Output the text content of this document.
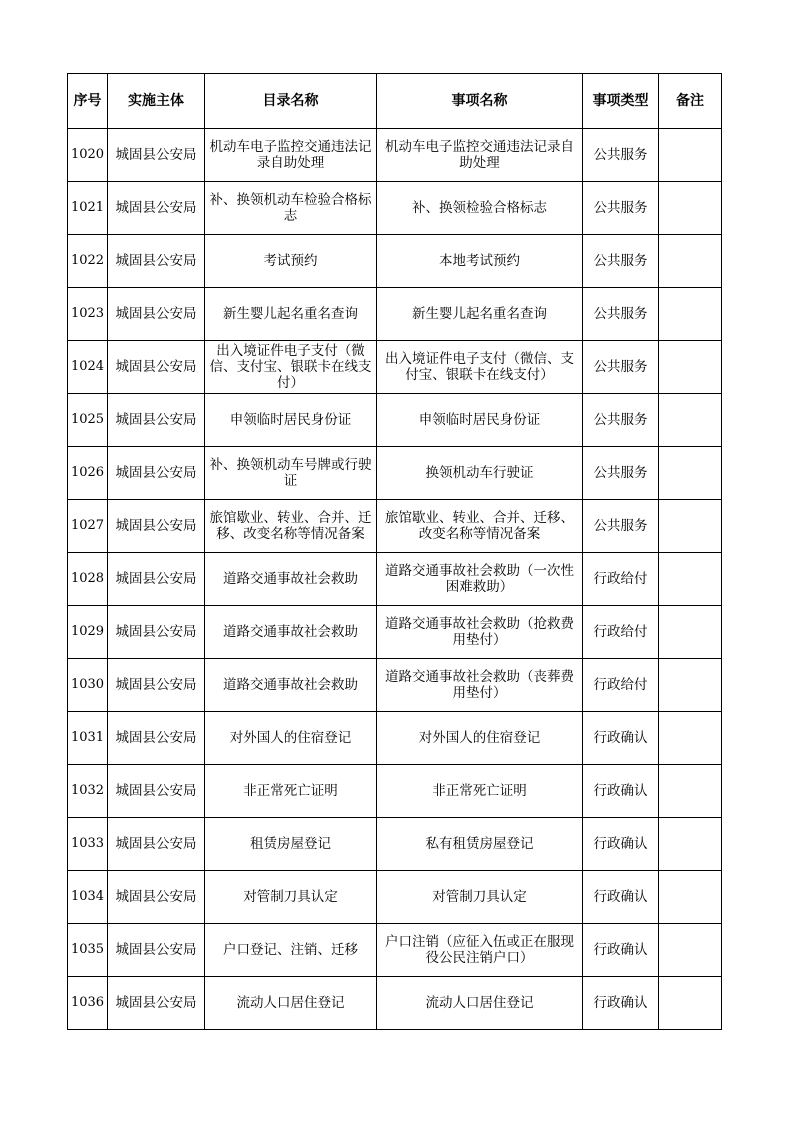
序号	实施主体	目录名称	事项名称	事项类型	备注
1020	城固县公安局	机动车电子监控交通违法记录自助处理	机动车电子监控交通违法记录自助处理	公共服务	
1021	城固县公安局	补、换领机动车检验合格标志	补、换领检验合格标志	公共服务	
1022	城固县公安局	考试预约	本地考试预约	公共服务	
1023	城固县公安局	新生婴儿起名重名查询	新生婴儿起名重名查询	公共服务	
1024	城固县公安局	出入境证件电子支付（微信、支付宝、银联卡在线支付）	出入境证件电子支付（微信、支付宝、银联卡在线支付）	公共服务	
1025	城固县公安局	申领临时居民身份证	申领临时居民身份证	公共服务	
1026	城固县公安局	补、换领机动车号牌或行驶证	换领机动车行驶证	公共服务	
1027	城固县公安局	旅馆歇业、转业、合并、迁移、改变名称等情况备案	旅馆歇业、转业、合并、迁移、改变名称等情况备案	公共服务	
1028	城固县公安局	道路交通事故社会救助	道路交通事故社会救助（一次性困难救助）	行政给付	
1029	城固县公安局	道路交通事故社会救助	道路交通事故社会救助（抢救费用垫付）	行政给付	
1030	城固县公安局	道路交通事故社会救助	道路交通事故社会救助（丧葬费用垫付）	行政给付	
1031	城固县公安局	对外国人的住宿登记	对外国人的住宿登记	行政确认	
1032	城固县公安局	非正常死亡证明	非正常死亡证明	行政确认	
1033	城固县公安局	租赁房屋登记	私有租赁房屋登记	行政确认	
1034	城固县公安局	对管制刀具认定	对管制刀具认定	行政确认	
1035	城固县公安局	户口登记、注销、迁移	户口注销（应征入伍或正在服现役公民注销户口）	行政确认	
1036	城固县公安局	流动人口居住登记	流动人口居住登记	行政确认	
